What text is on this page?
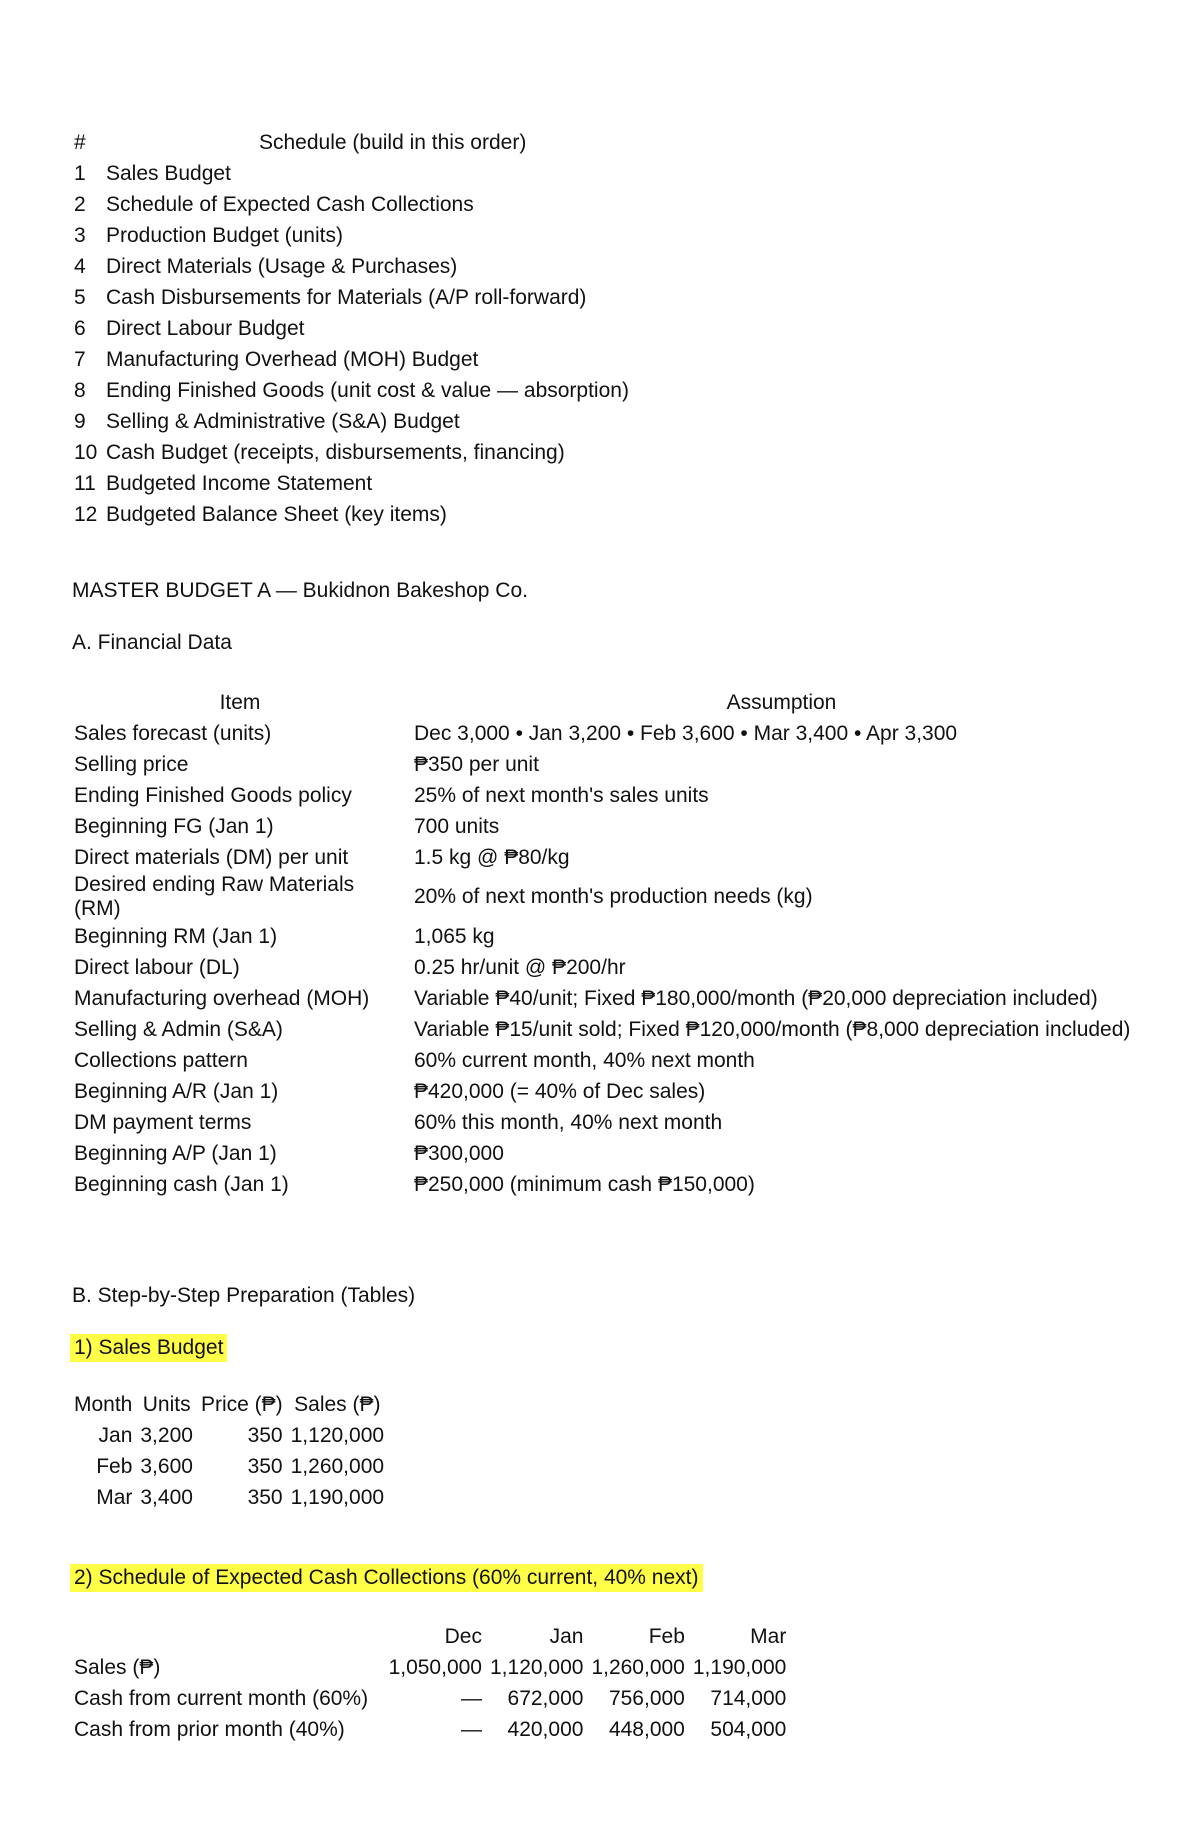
#	Schedule (build in this order)
1	Sales Budget
2	Schedule of Expected Cash Collections
3	Production Budget (units)
4	Direct Materials (Usage & Purchases)
5	Cash Disbursements for Materials (A/P roll-forward)
6	Direct Labour Budget
7	Manufacturing Overhead (MOH) Budget
8	Ending Finished Goods (unit cost & value — absorption)
9	Selling & Administrative (S&A) Budget
10	Cash Budget (receipts, disbursements, financing)
11	Budgeted Income Statement
12	Budgeted Balance Sheet (key items)
MASTER BUDGET A — Bukidnon Bakeshop Co.
A. Financial Data
Item	Assumption
Sales forecast (units)	Dec 3,000 • Jan 3,200 • Feb 3,600 • Mar 3,400 • Apr 3,300
Selling price	₱350 per unit
Ending Finished Goods policy	25% of next month's sales units
Beginning FG (Jan 1)	700 units
Direct materials (DM) per unit	1.5 kg @ ₱80/kg
Desired ending Raw Materials (RM)	20% of next month's production needs (kg)
Beginning RM (Jan 1)	1,065 kg
Direct labour (DL)	0.25 hr/unit @ ₱200/hr
Manufacturing overhead (MOH)	Variable ₱40/unit; Fixed ₱180,000/month (₱20,000 depreciation included)
Selling & Admin (S&A)	Variable ₱15/unit sold; Fixed ₱120,000/month (₱8,000 depreciation included)
Collections pattern	60% current month, 40% next month
Beginning A/R (Jan 1)	₱420,000 (= 40% of Dec sales)
DM payment terms	60% this month, 40% next month
Beginning A/P (Jan 1)	₱300,000
Beginning cash (Jan 1)	₱250,000 (minimum cash ₱150,000)
B. Step-by-Step Preparation (Tables)
1) Sales Budget
Month	Units	Price (₱)	Sales (₱)
Jan	3,200	350	1,120,000
Feb	3,600	350	1,260,000
Mar	3,400	350	1,190,000
2) Schedule of Expected Cash Collections (60% current, 40% next)
	Dec	Jan	Feb	Mar
Sales (₱)	1,050,000	1,120,000	1,260,000	1,190,000
Cash from current month (60%)	—	672,000	756,000	714,000
Cash from prior month (40%)	—	420,000	448,000	504,000
